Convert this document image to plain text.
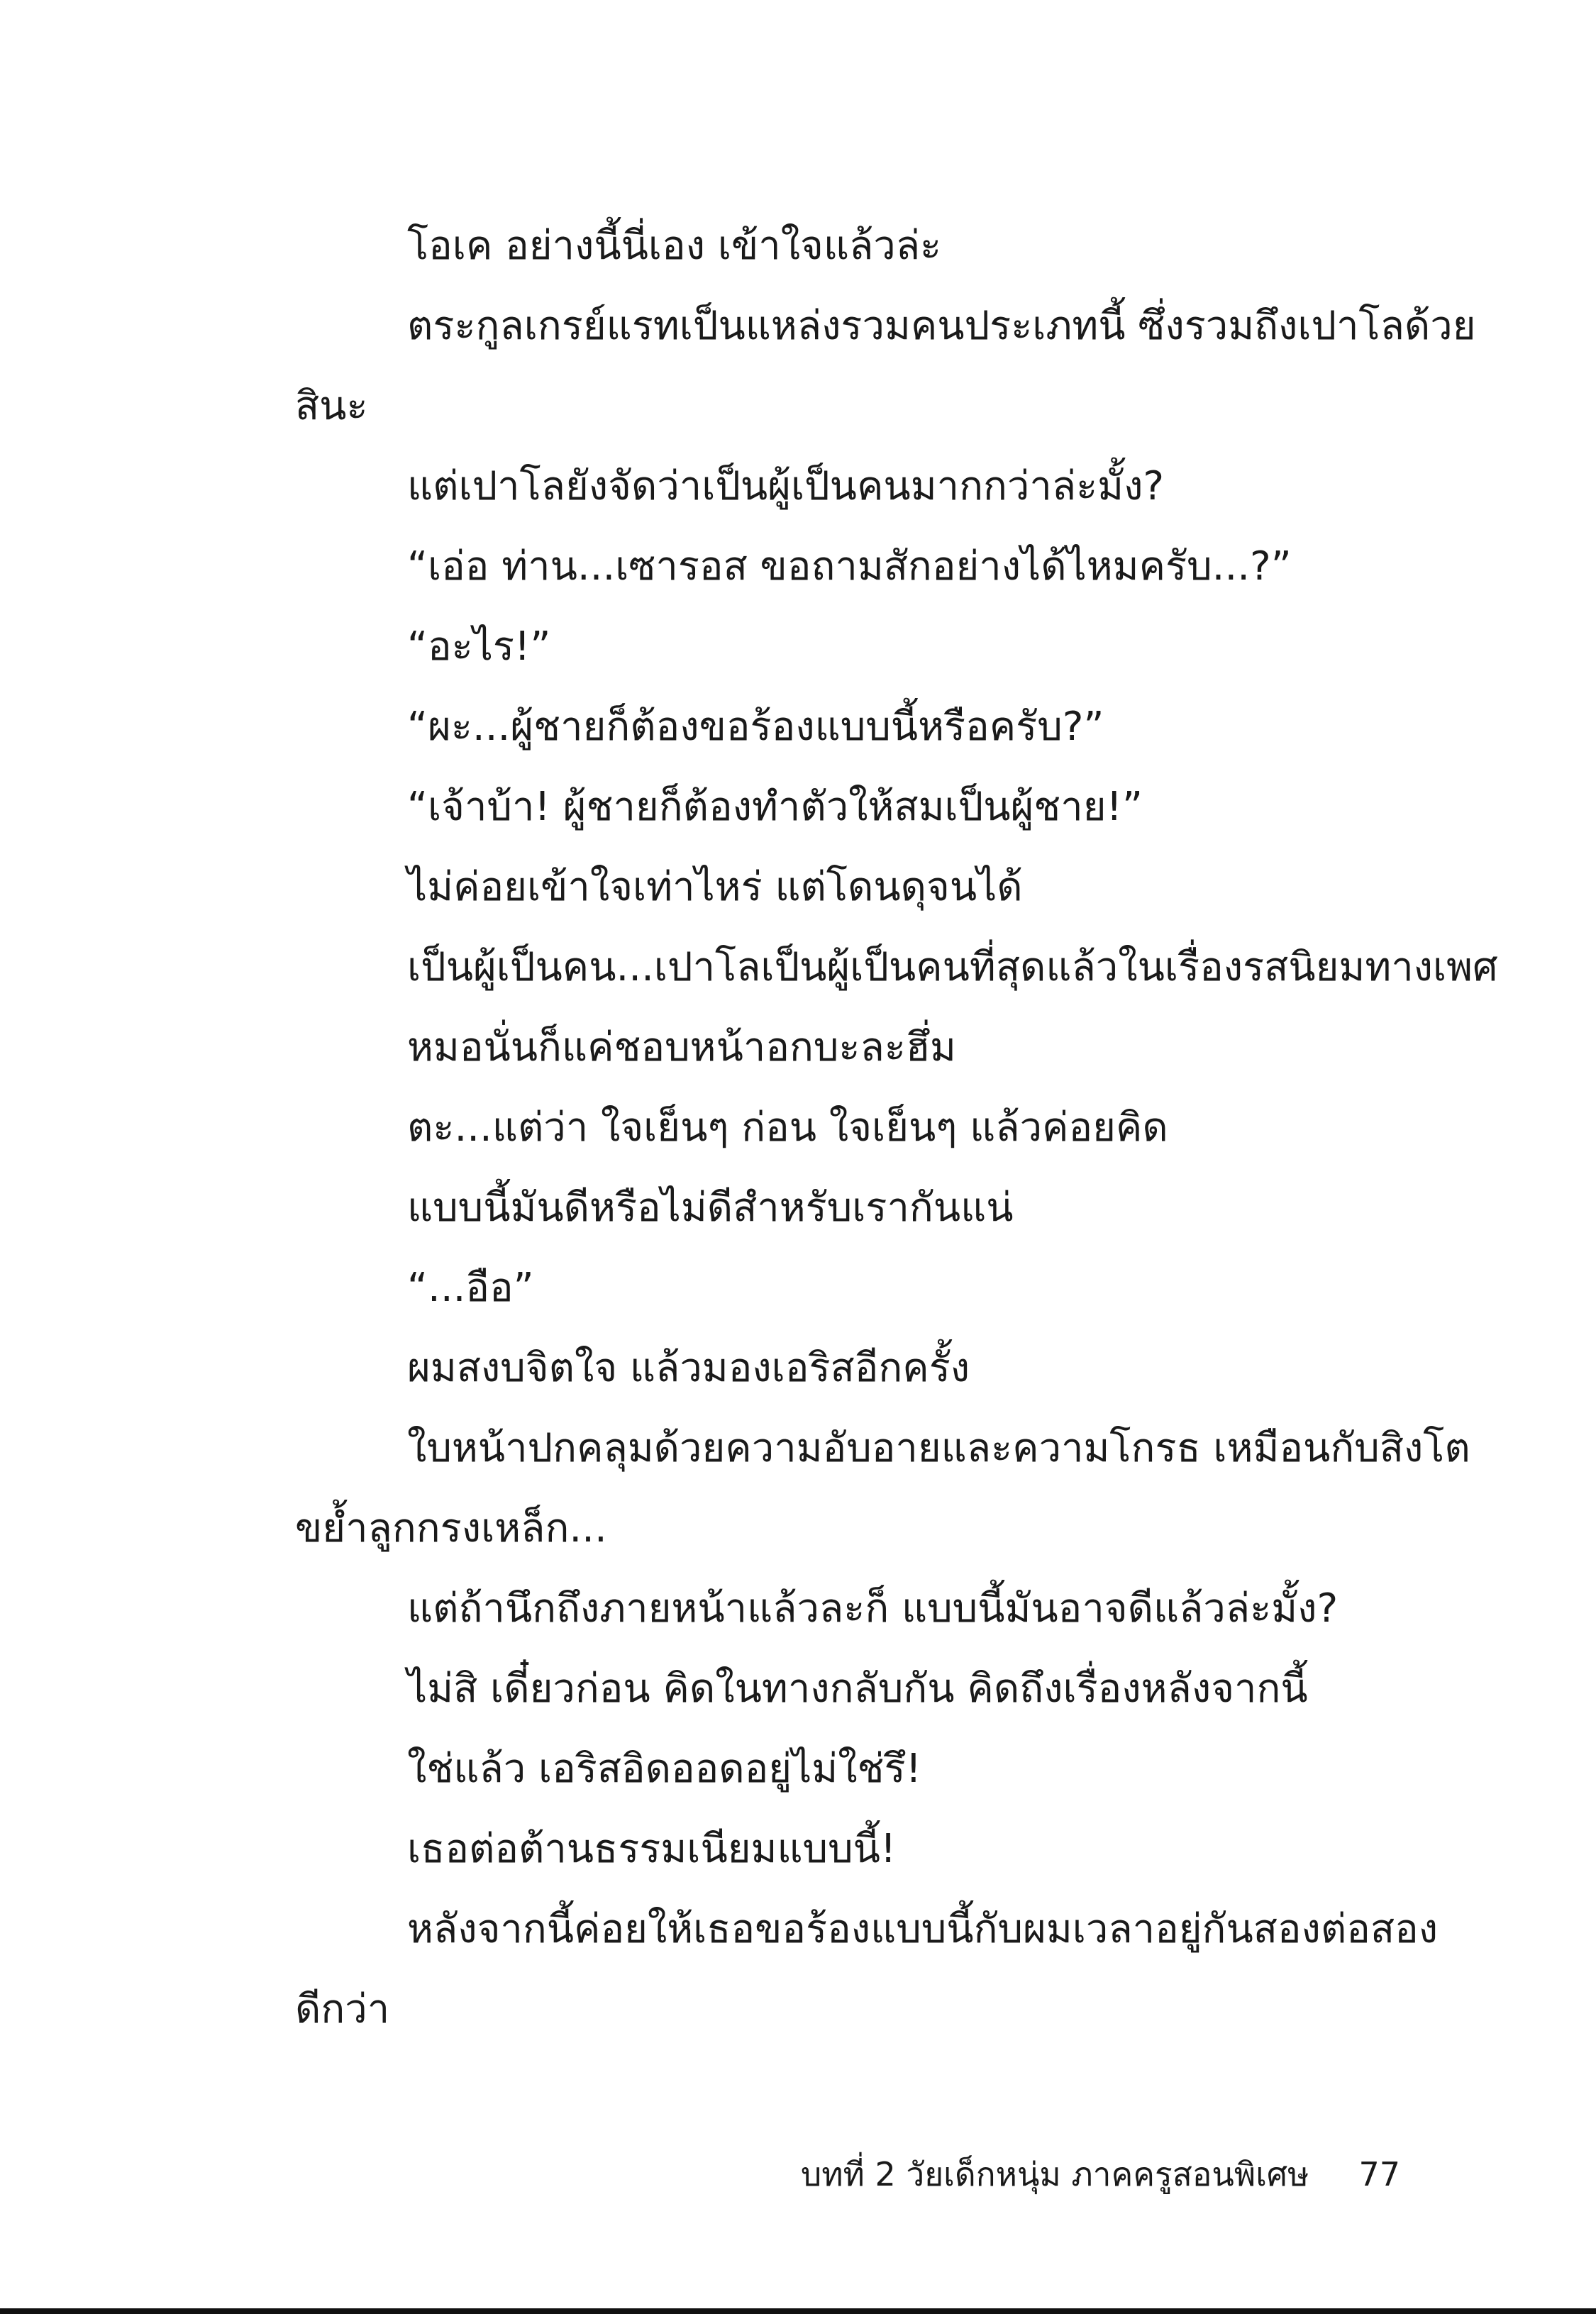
โอเค อย่างนี้นี่เอง เข้าใจแล้วล่ะ

ตระกูลเกรย์แรทเป็นแหล่งรวมคนประเภทนี้ ซึ่งรวมถึงเปาโลด้วย
สินะ

แต่เปาโลยังจัดว่าเป็นผู้เป็นคนมากกว่าล่ะมั้ง?

“เอ่อ ท่าน...เซารอส ขอถามสักอย่างได้ไหมครับ...?”

“อะไร!”

“ผะ...ผู้ชายก็ต้องขอร้องแบบนี้หรือครับ?”

“เจ้าบ้า! ผู้ชายก็ต้องทำตัวให้สมเป็นผู้ชาย!”

ไม่ค่อยเข้าใจเท่าไหร่ แต่โดนดุจนได้

เป็นผู้เป็นคน...เปาโลเป็นผู้เป็นคนที่สุดแล้วในเรื่องรสนิยมทางเพศ

หมอนั่นก็แค่ชอบหน้าอกบะละฮึ่ม

ตะ...แต่ว่า ใจเย็นๆ ก่อน ใจเย็นๆ แล้วค่อยคิด

แบบนี้มันดีหรือไม่ดีสำหรับเรากันแน่

“...อือ”

ผมสงบจิตใจ แล้วมองเอริสอีกครั้ง

ใบหน้าปกคลุมด้วยความอับอายและความโกรธ เหมือนกับสิงโต
ขย้ำลูกกรงเหล็ก...

แต่ถ้านึกถึงภายหน้าแล้วละก็ แบบนี้มันอาจดีแล้วล่ะมั้ง?

ไม่สิ เดี๋ยวก่อน คิดในทางกลับกัน คิดถึงเรื่องหลังจากนี้

ใช่แล้ว เอริสอิดออดอยู่ไม่ใช่รึ!

เธอต่อต้านธรรมเนียมแบบนี้!

หลังจากนี้ค่อยให้เธอขอร้องแบบนี้กับผมเวลาอยู่กันสองต่อสอง
ดีกว่า

บทที่ 2 วัยเด็กหนุ่ม ภาคครูสอนพิเศษ 77
